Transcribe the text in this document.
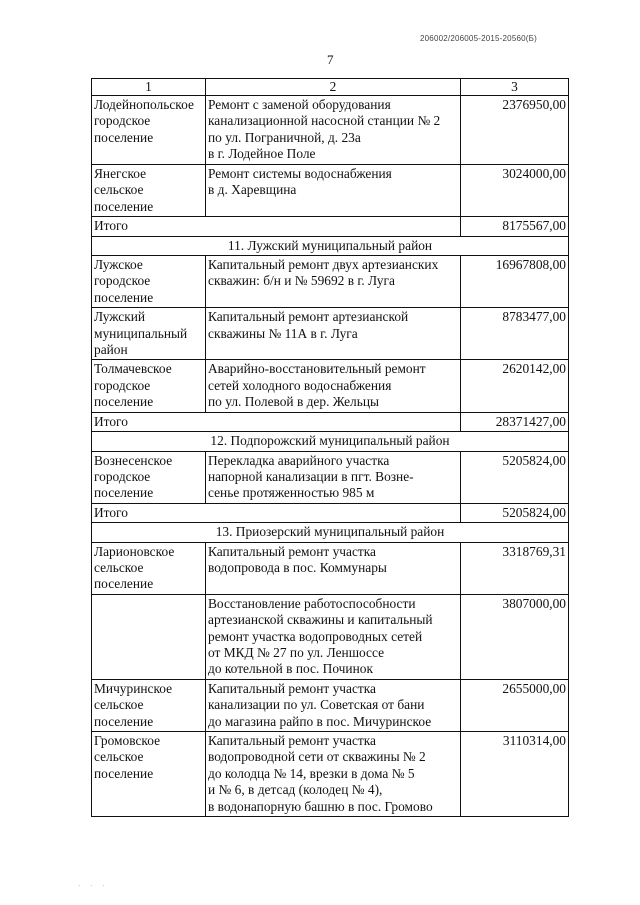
206002/206005-2015-20560(Б)
7
1	2	3

Лодейнопольское
городское
поселение	Ремонт с заменой оборудования
канализационной насосной станции № 2
по ул. Пограничной, д. 23а
в г. Лодейное Поле	2376950,00

Янегское
сельское
поселение	Ремонт системы водоснабжения
в д. Харевщина	3024000,00
Итого		8175567,00
11. Лужский муниципальный район		

Лужское
городское
поселение	Капитальный ремонт двух артезианских
скважин: б/н и № 59692 в г. Луга	16967808,00

Лужский
муниципальный
район	Капитальный ремонт артезианской
скважины № 11А в г. Луга	8783477,00

Толмачевское
городское
поселение	Аварийно-восстановительный ремонт
сетей холодного водоснабжения
по ул. Полевой в дер. Жельцы	2620142,00
Итого		28371427,00
12. Подпорожский муниципальный район		

Вознесенское
городское
поселение	Перекладка аварийного участка
напорной канализации в пгт. Возне-
сенье протяженностью 985 м	5205824,00
Итого		5205824,00
13. Приозерский муниципальный район		

Ларионовское
сельское
поселение	Капитальный ремонт участка
водопровода в пос. Коммунары	3318769,31

	Восстановление работоспособности
артезианской скважины и капитальный
ремонт участка водопроводных сетей
от МКД № 27 по ул. Леншоссе
до котельной в пос. Починок	3807000,00

Мичуринское
сельское
поселение	Капитальный ремонт участка
канализации по ул. Советская от бани
до магазина райпо в пос. Мичуринское	2655000,00

Громовское
сельское
поселение	Капитальный ремонт участка
водопроводной сети от скважины № 2
до колодца № 14, врезки в дома № 5
и № 6, в детсад (колодец № 4),
в водонапорную башню в пос. Громово	3110314,00
· · ·
